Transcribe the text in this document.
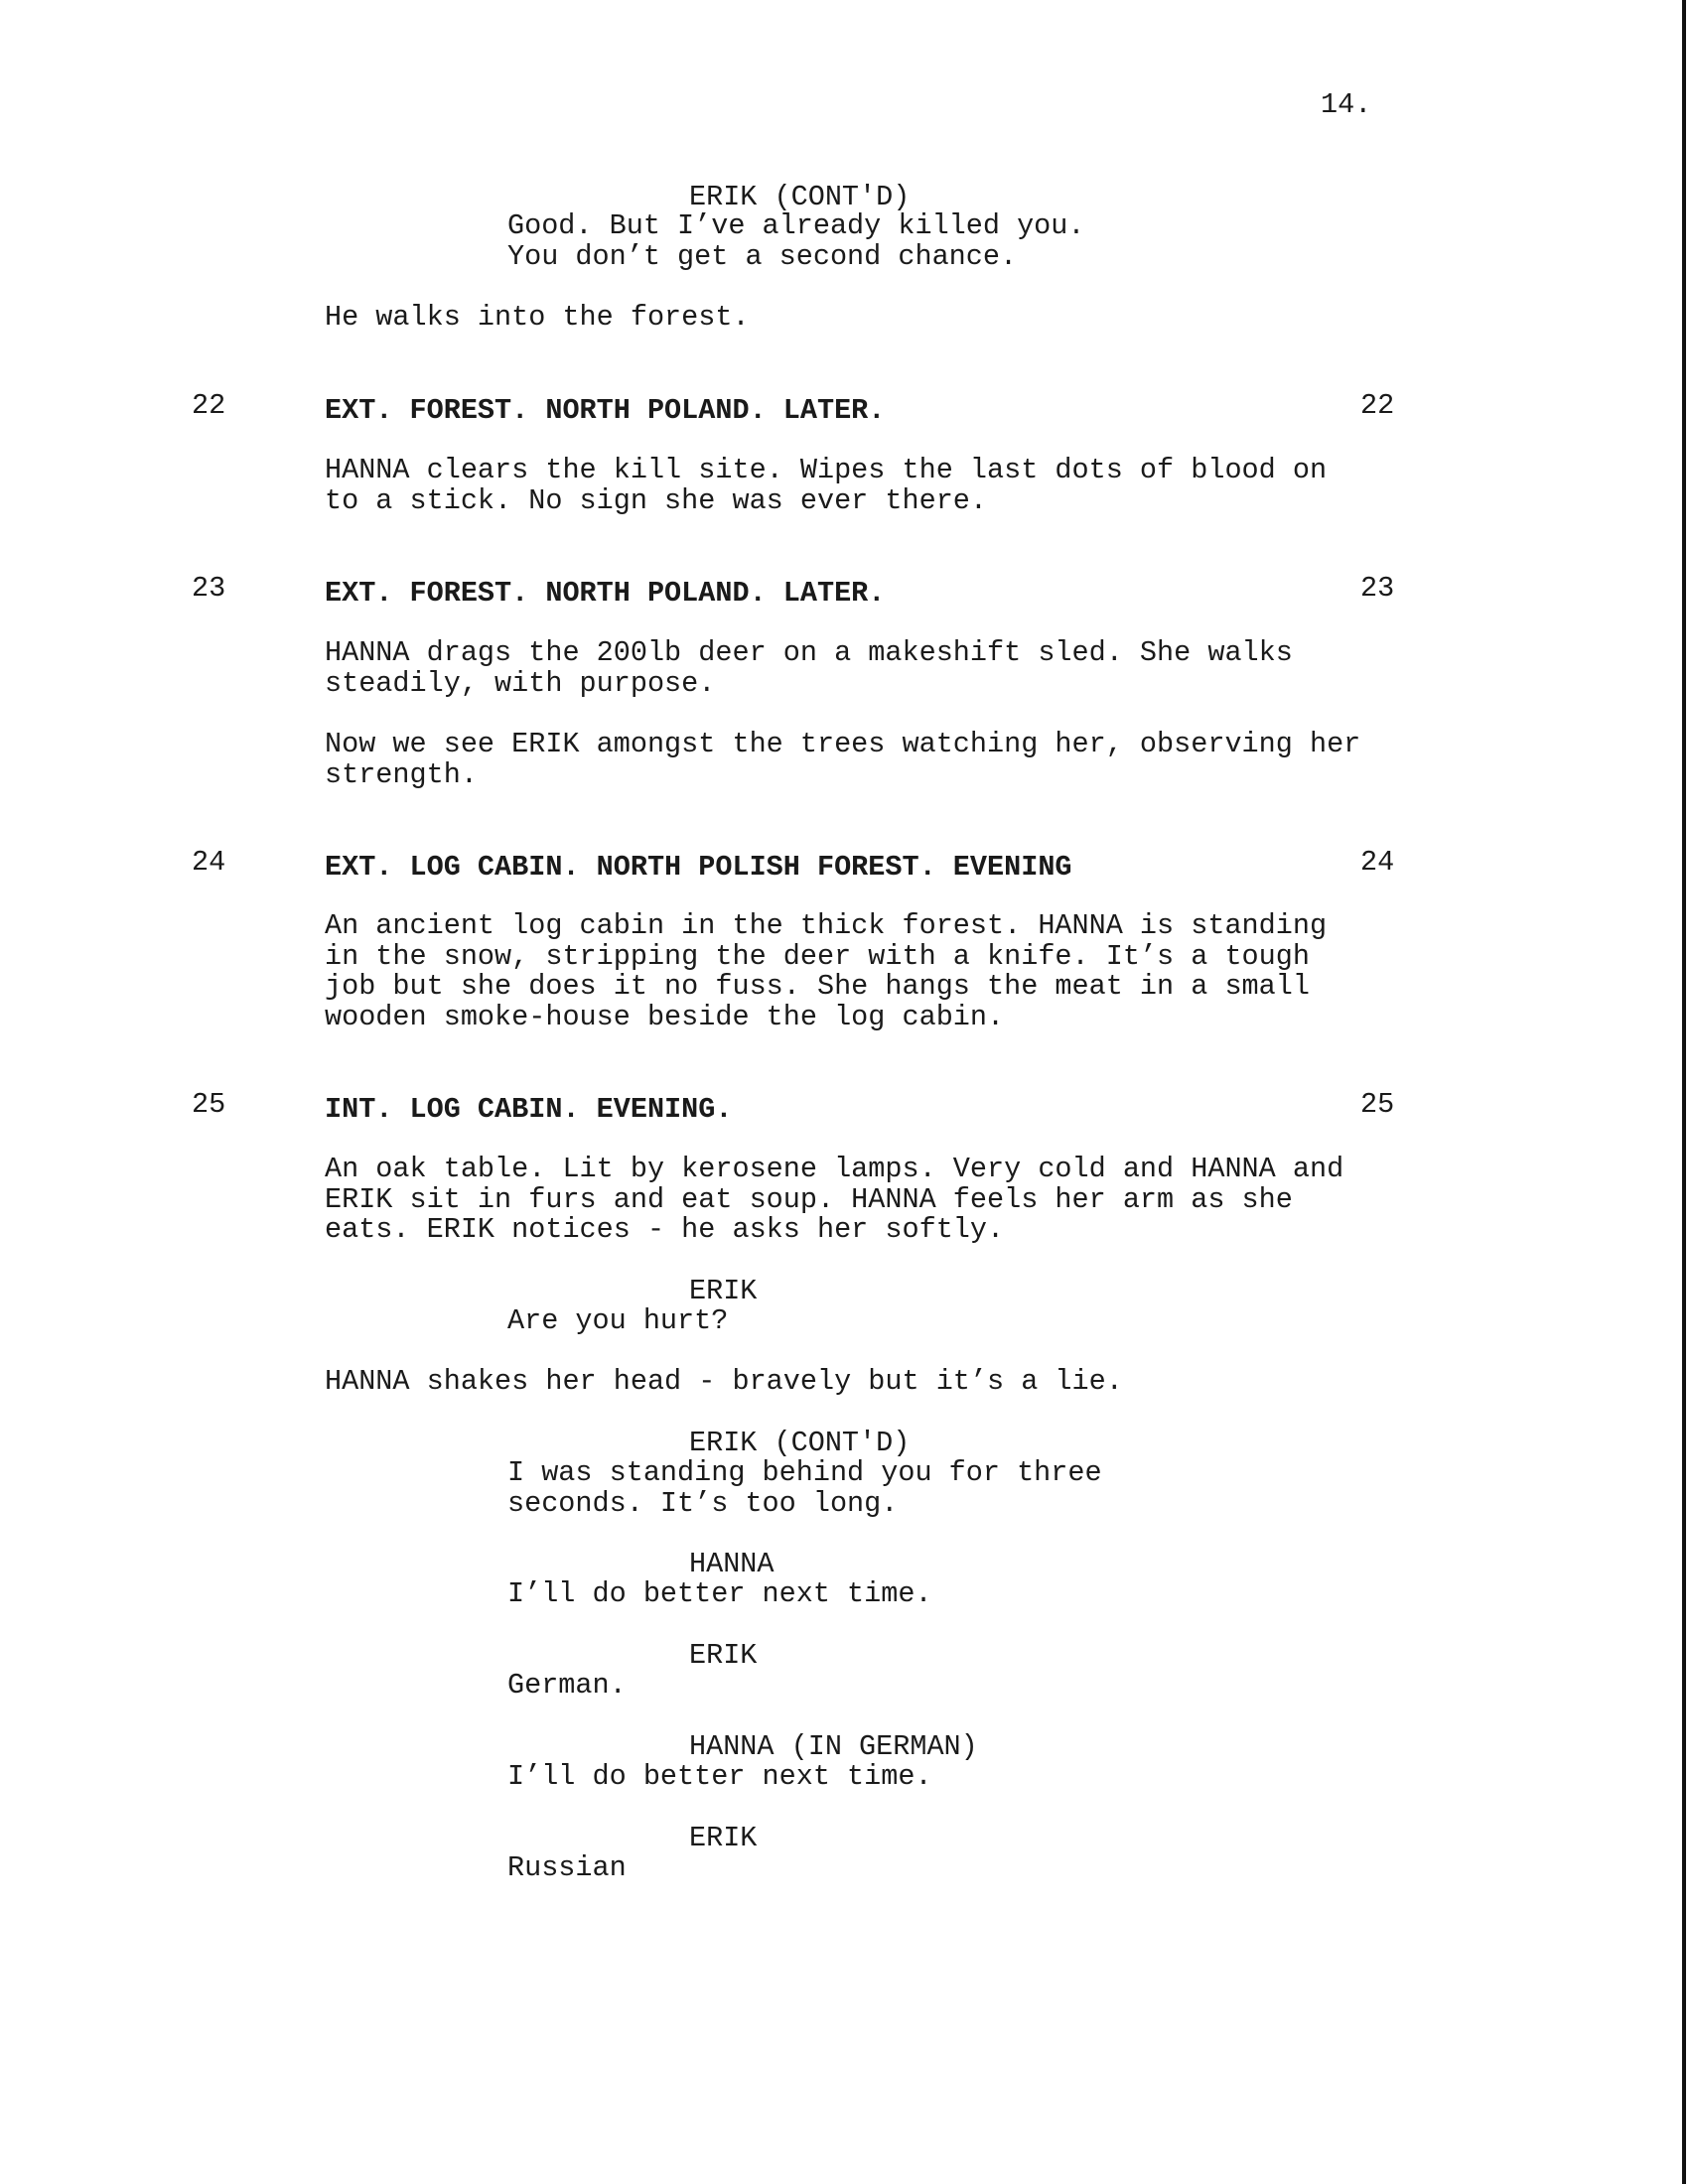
14.
ERIK (CONT'D)
Good. But I’ve already killed you.
You don’t get a second chance.
He walks into the forest.
22	EXT. FOREST. NORTH POLAND. LATER.	22
HANNA clears the kill site. Wipes the last dots of blood on
to a stick. No sign she was ever there.
23	EXT. FOREST. NORTH POLAND. LATER.	23
HANNA drags the 200lb deer on a makeshift sled. She walks
steadily, with purpose.
Now we see ERIK amongst the trees watching her, observing her
strength.
24	EXT. LOG CABIN. NORTH POLISH FOREST. EVENING	24
An ancient log cabin in the thick forest. HANNA is standing
in the snow, stripping the deer with a knife. It’s a tough
job but she does it no fuss. She hangs the meat in a small
wooden smoke-house beside the log cabin.
25	INT. LOG CABIN. EVENING.	25
An oak table. Lit by kerosene lamps. Very cold and HANNA and
ERIK sit in furs and eat soup. HANNA feels her arm as she
eats. ERIK notices - he asks her softly.
ERIK
Are you hurt?
HANNA shakes her head - bravely but it’s a lie.
ERIK (CONT'D)
I was standing behind you for three
seconds. It’s too long.
HANNA
I’ll do better next time.
ERIK
German.
HANNA (IN GERMAN)
I’ll do better next time.
ERIK
Russian
